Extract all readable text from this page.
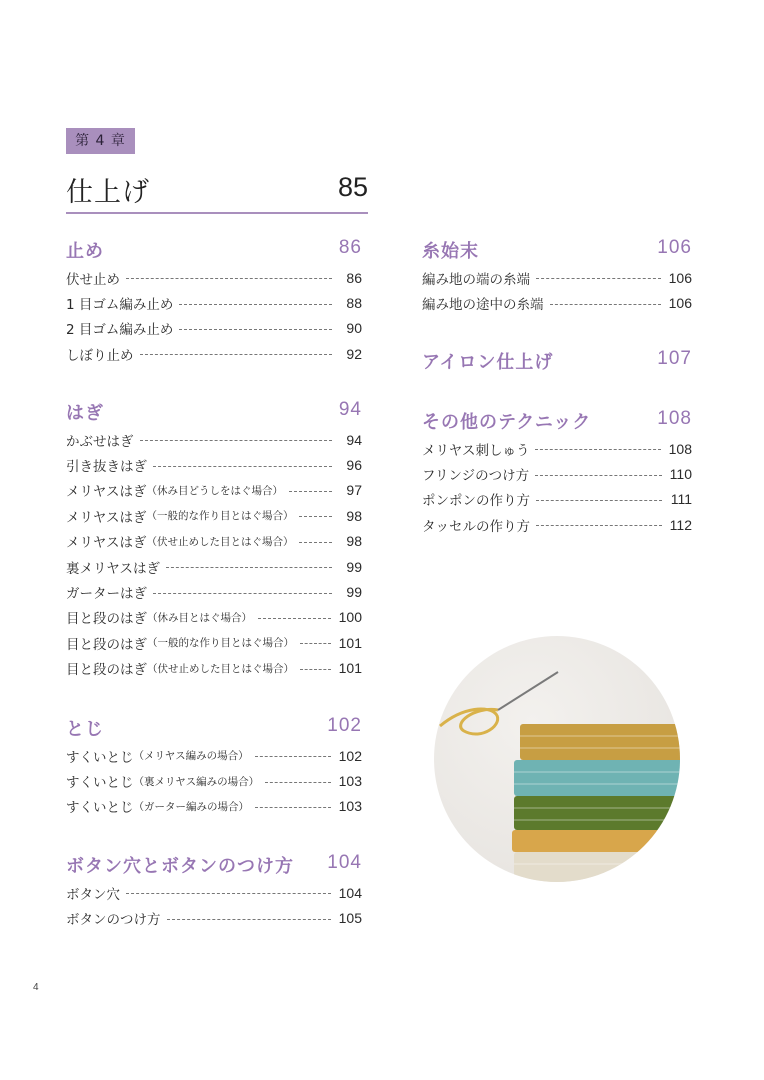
第 4 章
仕上げ	85
止め	86
伏せ止め	86
1 目ゴム編み止め	88
2 目ゴム編み止め	90
しぼり止め	92
はぎ	94
かぶせはぎ	94
引き抜きはぎ	96
メリヤスはぎ （休み目どうしをはぐ場合）	97
メリヤスはぎ （一般的な作り目とはぐ場合）	98
メリヤスはぎ （伏せ止めした目とはぐ場合）	98
裏メリヤスはぎ	99
ガーターはぎ	99
目と段のはぎ （休み目とはぐ場合）	100
目と段のはぎ （一般的な作り目とはぐ場合）	101
目と段のはぎ （伏せ止めした目とはぐ場合）	101
とじ	102
すくいとじ （メリヤス編みの場合）	102
すくいとじ （裏メリヤス編みの場合）	103
すくいとじ （ガーター編みの場合）	103
ボタン穴とボタンのつけ方 104
ボタン穴	104
ボタンのつけ方	105
糸始末	106
編み地の端の糸端	106
編み地の途中の糸端	106
アイロン仕上げ	107
その他のテクニック	108
メリヤス刺しゅう	108
フリンジのつけ方	110
ポンポンの作り方	111
タッセルの作り方	112
4
